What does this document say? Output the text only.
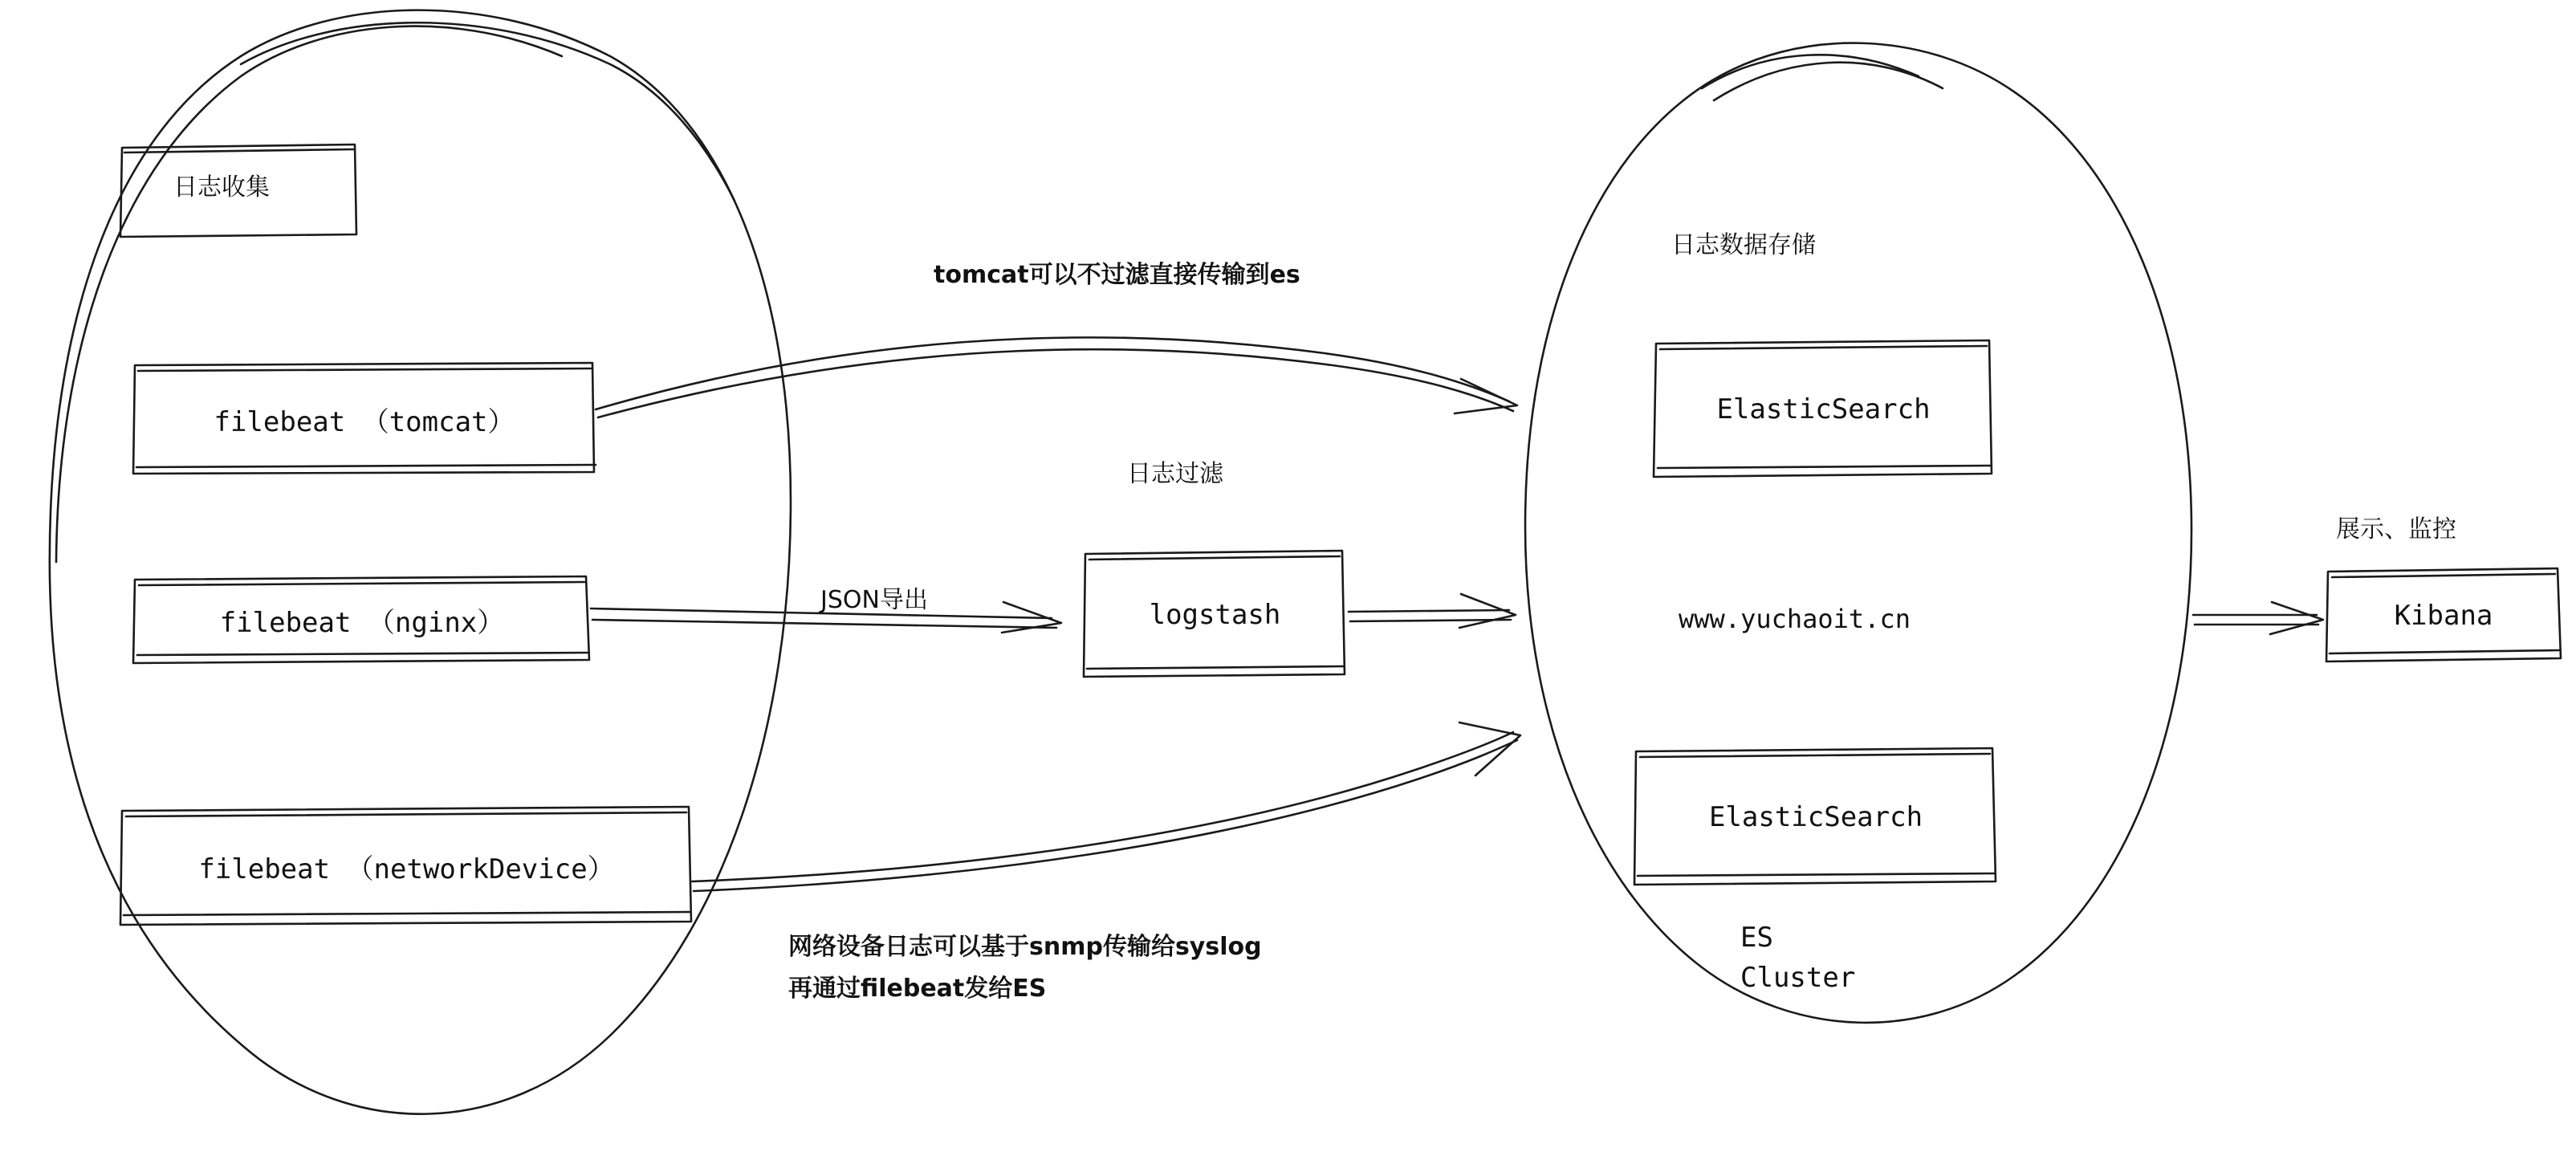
日志收集
filebeat （tomcat）
filebeat （nginx）
filebeat （networkDevice）
logstash
ElasticSearch
ElasticSearch
Kibana
日志数据存储
tomcat可以不过滤直接传输到es
日志过滤
JSON导出
网络设备日志可以基于snmp传输给syslog
再通过filebeat发给ES
展示、监控
www.yuchaoit.cn
ES
Cluster
